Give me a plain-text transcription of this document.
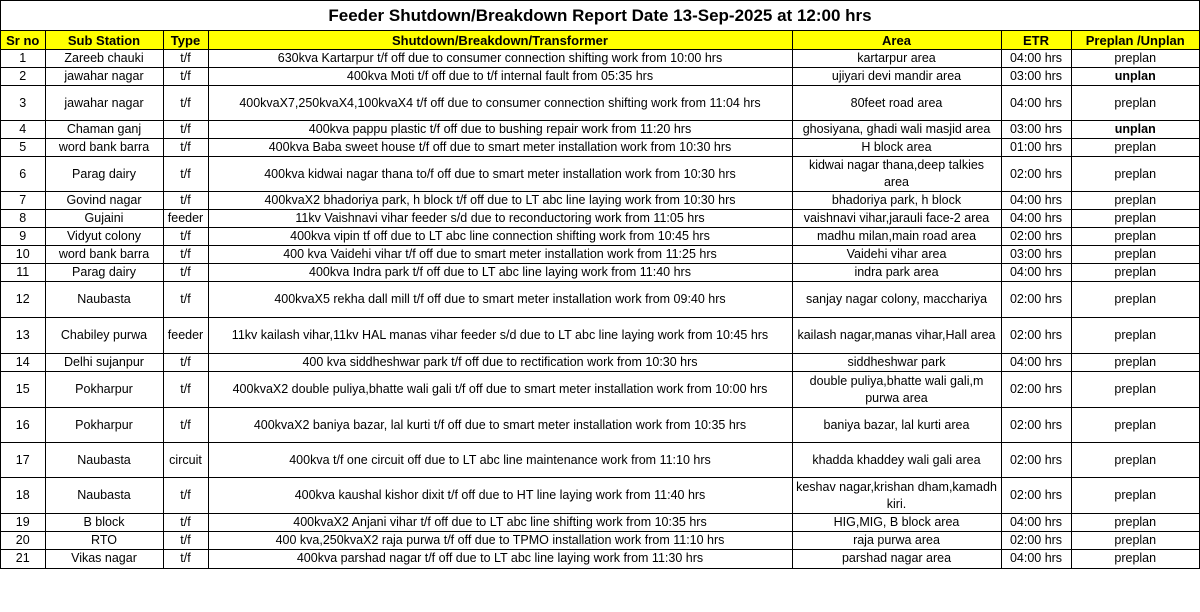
Feeder Shutdown/Breakdown Report Date 13-Sep-2025 at 12:00 hrs
Sr no	Sub Station	Type	Shutdown/Breakdown/Transformer	Area	ETR	Preplan /Unplan
1	Zareeb chauki	t/f	630kva Kartarpur t/f off due to consumer connection shifting work from 10:00 hrs	kartarpur area	04:00 hrs	preplan
2	jawahar nagar	t/f	400kva Moti t/f off due to t/f internal fault from 05:35 hrs	ujiyari devi mandir area	03:00 hrs	unplan
3	jawahar nagar	t/f	400kvaX7,250kvaX4,100kvaX4 t/f off due to consumer connection shifting work from 11:04 hrs	80feet road area	04:00 hrs	preplan
4	Chaman ganj	t/f	400kva pappu plastic t/f off due to bushing repair work from 11:20 hrs	ghosiyana, ghadi wali masjid area	03:00 hrs	unplan
5	word bank barra	t/f	400kva Baba sweet house t/f off due to smart meter installation work from 10:30 hrs	H block area	01:00 hrs	preplan
6	Parag dairy	t/f	400kva kidwai nagar thana to/f off due to smart meter installation work from 10:30 hrs	kidwai nagar thana,deep talkies area	02:00 hrs	preplan
7	Govind nagar	t/f	400kvaX2 bhadoriya park, h block t/f off due to LT abc line laying work from 10:30 hrs	bhadoriya park, h block	04:00 hrs	preplan
8	Gujaini	feeder	11kv Vaishnavi vihar feeder s/d due to reconductoring work from 11:05 hrs	vaishnavi vihar,jarauli face-2 area	04:00 hrs	preplan
9	Vidyut colony	t/f	400kva vipin tf off due to LT abc line connection shifting work from 10:45 hrs	madhu milan,main road area	02:00 hrs	preplan
10	word bank barra	t/f	400 kva Vaidehi vihar t/f off due to smart meter installation work from 11:25 hrs	Vaidehi vihar area	03:00 hrs	preplan
11	Parag dairy	t/f	400kva Indra park t/f off due to LT abc line laying work from 11:40 hrs	indra park area	04:00 hrs	preplan
12	Naubasta	t/f	400kvaX5 rekha dall mill t/f off due to smart meter installation work from 09:40 hrs	sanjay nagar colony, macchariya	02:00 hrs	preplan
13	Chabiley purwa	feeder	11kv kailash vihar,11kv HAL manas vihar feeder s/d due to LT abc line laying work from 10:45 hrs	kailash nagar,manas vihar,Hall area	02:00 hrs	preplan
14	Delhi sujanpur	t/f	400 kva siddheshwar park t/f off due to rectification work from 10:30 hrs	siddheshwar park	04:00 hrs	preplan
15	Pokharpur	t/f	400kvaX2 double puliya,bhatte wali gali t/f off due to smart meter installation work from 10:00 hrs	double puliya,bhatte wali gali,m purwa area	02:00 hrs	preplan
16	Pokharpur	t/f	400kvaX2 baniya bazar, lal kurti t/f off due to smart meter installation work from 10:35 hrs	baniya bazar, lal kurti area	02:00 hrs	preplan
17	Naubasta	circuit	400kva t/f one circuit off due to LT abc line maintenance work from 11:10 hrs	khadda khaddey wali gali area	02:00 hrs	preplan
18	Naubasta	t/f	400kva kaushal kishor dixit t/f off due to HT line laying work from 11:40 hrs	keshav nagar,krishan dham,kamadh kiri.	02:00 hrs	preplan
19	B block	t/f	400kvaX2 Anjani vihar t/f off due to LT abc line shifting work from 10:35 hrs	HIG,MIG, B block area	04:00 hrs	preplan
20	RTO	t/f	400 kva,250kvaX2 raja purwa t/f off due to TPMO installation work from 11:10 hrs	raja purwa area	02:00 hrs	preplan
21	Vikas nagar	t/f	400kva parshad nagar t/f off due to LT abc line laying work from 11:30 hrs	parshad nagar area	04:00 hrs	preplan
